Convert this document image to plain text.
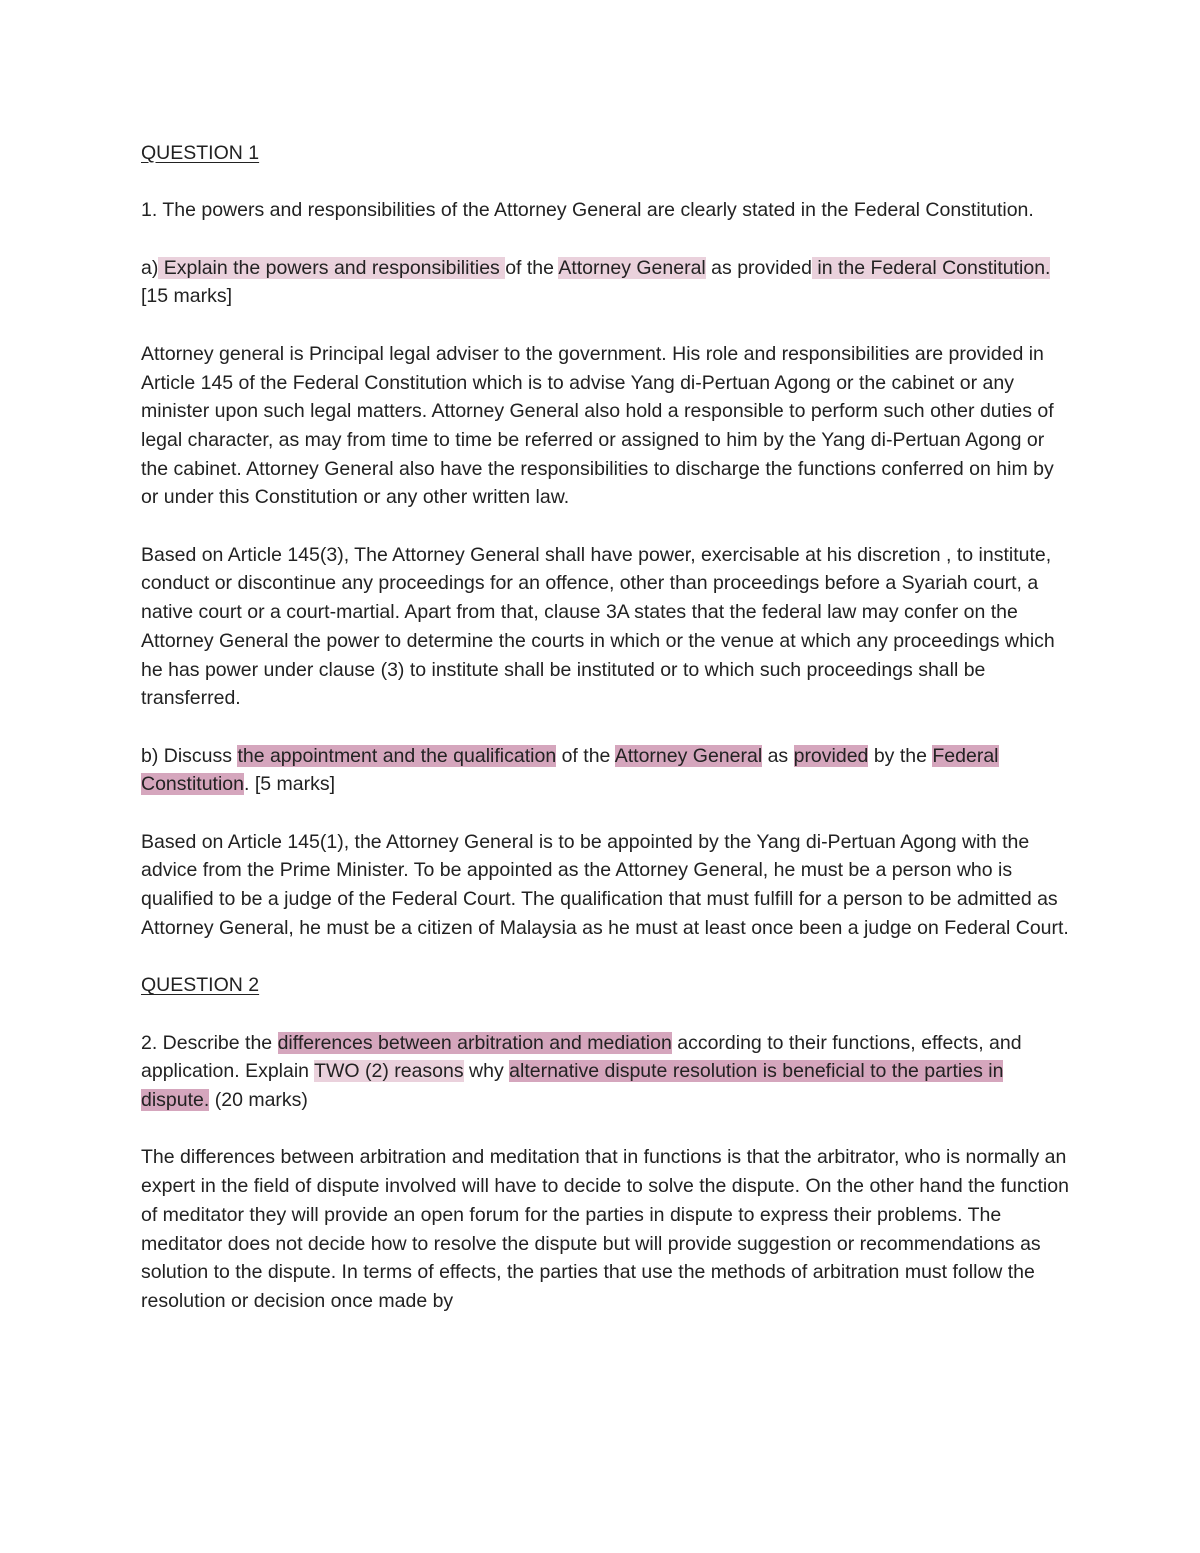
QUESTION 1

1. The powers and responsibilities of the Attorney General are clearly stated in the Federal Constitution.

a) Explain the powers and responsibilities of the Attorney General as provided in the Federal Constitution. [15 marks]

Attorney general is Principal legal adviser to the government. His role and responsibilities are provided in Article 145 of the Federal Constitution which is to advise Yang di-Pertuan Agong or the cabinet or any minister upon such legal matters. Attorney General also hold a responsible to perform such other duties of legal character, as may from time to time be referred or assigned to him by the Yang di-Pertuan Agong or the cabinet. Attorney General also have the responsibilities to discharge the functions conferred on him by or under this Constitution or any other written law.

Based on Article 145(3), The Attorney General shall have power, exercisable at his discretion , to institute, conduct or discontinue any proceedings for an offence, other than proceedings before a Syariah court, a native court or a court-martial. Apart from that, clause 3A states that the federal law may confer on the Attorney General the power to determine the courts in which or the venue at which any proceedings which he has power under clause (3) to institute shall be instituted or to which such proceedings shall be transferred.

b) Discuss the appointment and the qualification of the Attorney General as provided by the Federal Constitution. [5 marks]

Based on Article 145(1), the Attorney General is to be appointed by the Yang di-Pertuan Agong with the advice from the Prime Minister. To be appointed as the Attorney General, he must be a person who is qualified to be a judge of the Federal Court. The qualification that must fulfill for a person to be admitted as Attorney General, he must be a citizen of Malaysia as he must at least once been a judge on Federal Court.

QUESTION 2

2. Describe the differences between arbitration and mediation according to their functions, effects, and application. Explain TWO (2) reasons why alternative dispute resolution is beneficial to the parties in dispute. (20 marks)

The differences between arbitration and meditation that in functions is that the arbitrator, who is normally an expert in the field of dispute involved will have to decide to solve the dispute. On the other hand the function of meditator they will provide an open forum for the parties in dispute to express their problems. The meditator does not decide how to resolve the dispute but will provide suggestion or recommendations as solution to the dispute. In terms of effects, the parties that use the methods of arbitration must follow the resolution or decision once made by
